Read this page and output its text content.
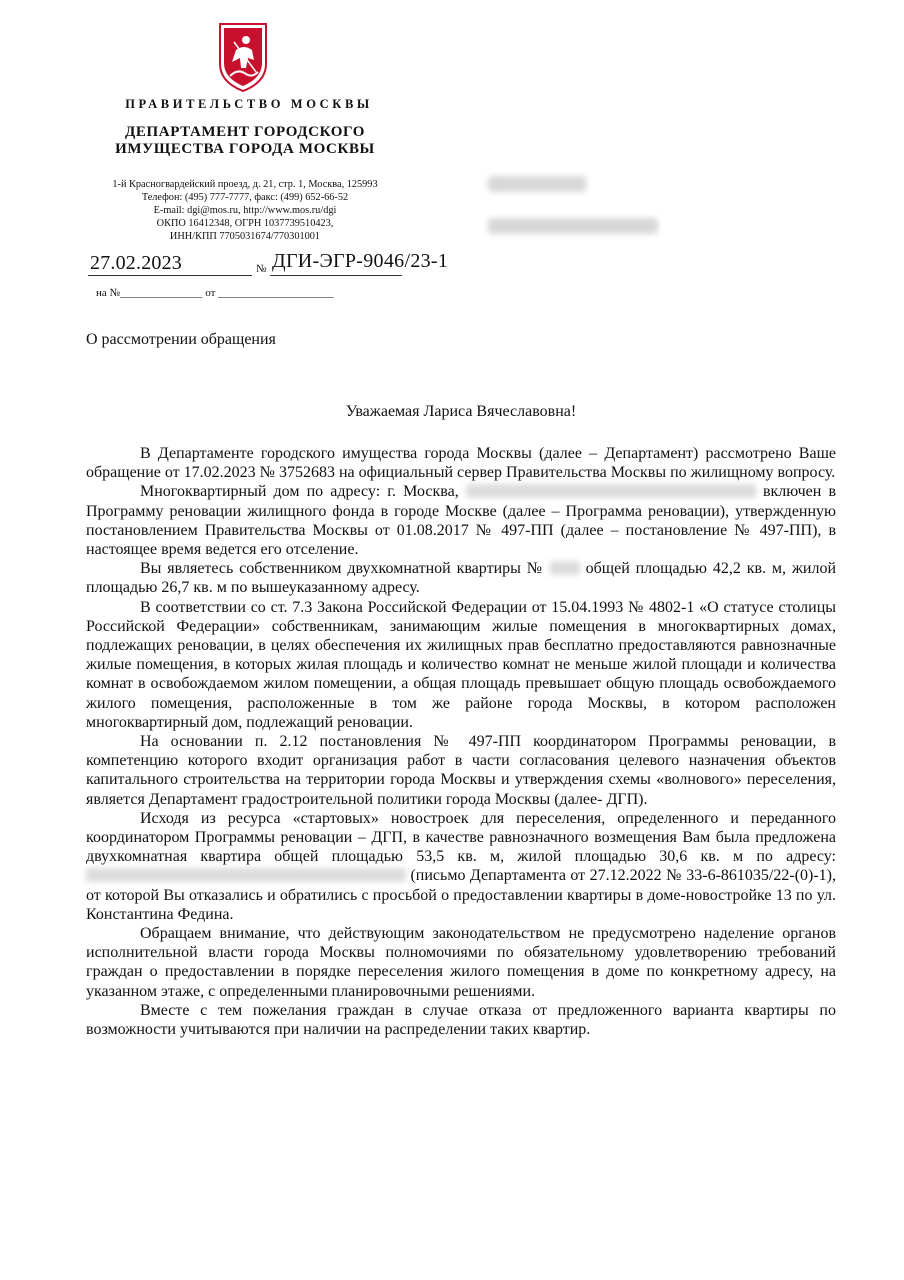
ПРАВИТЕЛЬСТВО МОСКВЫ
ДЕПАРТАМЕНТ ГОРОДСКОГО
ИМУЩЕСТВА ГОРОДА МОСКВЫ
1-й Красногвардейский проезд, д. 21, стр. 1, Москва, 125993
Телефон: (495) 777-7777, факс: (499) 652-66-52
E-mail: dgi@mos.ru, http://www.mos.ru/dgi
ОКПО 16412348, ОГРН 1037739510423,
ИНН/КПП 7705031674/770301001
27.02.2023	№ ДГИ-ЭГР-9046/23-1
на №_______________ от _____________________
О рассмотрении обращения
Уважаемая Лариса Вячеславовна!

В Департаменте городского имущества города Москвы (далее – Департамент) рассмотрено Ваше обращение от 17.02.2023 № 3752683 на официальный сервер Правительства Москвы по жилищному вопросу.

Многоквартирный дом по адресу: г. Москва,	включен в Программу реновации жилищного фонда в городе Москве (далее – Программа реновации), утвержденную постановлением Правительства Москвы от 01.08.2017 № 497-ПП (далее – постановление № 497-ПП), в настоящее время ведется его отселение.

Вы являетесь собственником двухкомнатной квартиры №	общей площадью 42,2 кв. м, жилой площадью 26,7 кв. м по вышеуказанному адресу.

В соответствии со ст. 7.3 Закона Российской Федерации от 15.04.1993 № 4802-1 «О статусе столицы Российской Федерации» собственникам, занимающим жилые помещения в многоквартирных домах, подлежащих реновации, в целях обеспечения их жилищных прав бесплатно предоставляются равнозначные жилые помещения, в которых жилая площадь и количество комнат не меньше жилой площади и количества комнат в освобождаемом жилом помещении, а общая площадь превышает общую площадь освобождаемого жилого помещения, расположенные в том же районе города Москвы, в котором расположен многоквартирный дом, подлежащий реновации.

На основании п. 2.12 постановления № 497-ПП координатором Программы реновации, в компетенцию которого входит организация работ в части согласования целевого назначения объектов капитального строительства на территории города Москвы и утверждения схемы «волнового» переселения, является Департамент градостроительной политики города Москвы (далее- ДГП).

Исходя из ресурса «стартовых» новостроек для переселения, определенного и переданного координатором Программы реновации – ДГП, в качестве равнозначного возмещения Вам была предложена двухкомнатная квартира общей площадью 53,5 кв. м, жилой площадью 30,6 кв. м по адресу:  (письмо Департамента от 27.12.2022 № 33-6-861035/22-(0)-1), от которой Вы отказались и обратились с просьбой о предоставлении квартиры в доме-новостройке 13 по ул. Константина Федина.

Обращаем внимание, что действующим законодательством не предусмотрено наделение органов исполнительной власти города Москвы полномочиями по обязательному удовлетворению требований граждан о предоставлении в порядке переселения жилого помещения в доме по конкретному адресу, на указанном этаже, с определенными планировочными решениями.

Вместе с тем пожелания граждан в случае отказа от предложенного варианта квартиры по возможности учитываются при наличии на распределении таких квартир.
